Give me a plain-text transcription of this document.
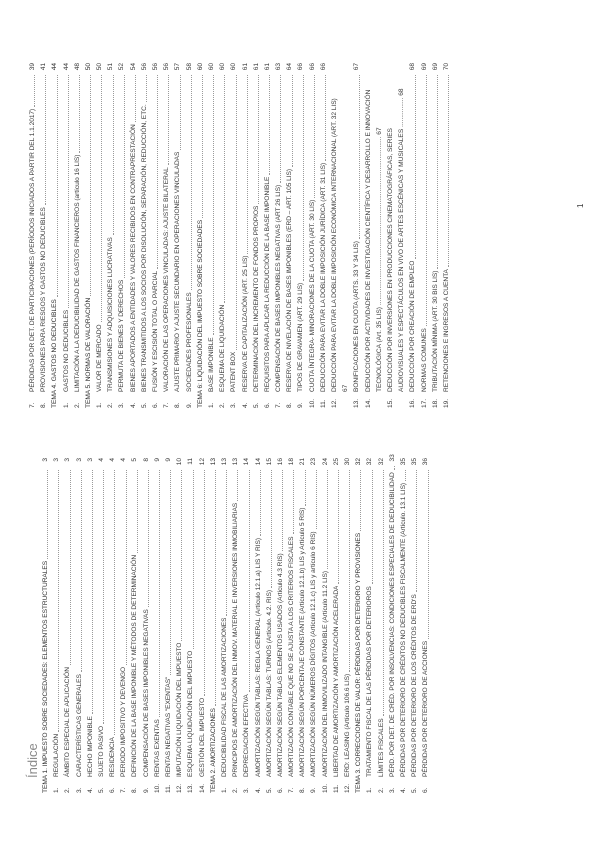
Índice TEMA 1. IMPUESTO SOBRE SOCIEDADES: ELEMENTOS ESTRUCTURALES
3
1.
REGULACIÓN
3
2.
ÁMBITO ESPECIAL DE APLICACIÓN
3
3.
CARACTERÍSTICAS GENERALES
3
4.
HECHO IMPONIBLE
3
5.
SUJETO PASIVO
4
6.
RESIDENCIA
4
7.
PERIODO IMPOSITIVO Y DEVENGO
4
8.
DEFINICIÓN DE LA BASE IMPONIBLE Y MÉTODOS DE DETERMINACIÓN
5
9.
COMPENSACIÓN DE BASES IMPONIBLES NEGATIVAS
8
10.
RENTAS EXENTAS
9
11.
RENTAS NEGATIVAS "EXENTAS"
9
12.
IMPUTACIÓN LIQUIDACIÓN DEL IMPUESTO
10
13.
ESQUEMA LIQUIDACIÓN DEL IMPUESTO
11
14.
GESTIÓN DEL IMPUESTO
12
TEMA 2. AMORTIZACIONES
13
1.
DEDUCIBILIDAD FISCAL DE LAS AMORTIZACIONES
13
2.
PRINCIPIOS DE AMORTIZACIÓN DEL INMOV. MATERIAL E INVERSIONES INMOBILIARIAS
13
3.
DEPRECIACIÓN EFECTIVA
14
4.
AMORTIZACIÓN SEGÚN TABLAS: REGLA GENERAL (Artículo 12.1.a) LIS Y RIS)
14
5.
AMORTIZACIÓN SEGÚN TABLAS: TURNOS (Artículo. 4.2. RIS)
15
6.
AMORTIZACIÓN SEGÚN TABLAS ELEMENTOS USADOS (Artículo 4.3 RIS)
16
7.
AMORTIZACIÓN CONTABLE QUE NO SE AJUSTA A LOS CRITERIOS FISCALES
18
8.
AMORTIZACIÓN SEGÚN PORCENTAJE CONSTANTE (Artículo 12.1.b) LIS y Artículo 5 RIS)
21
9.
AMORTIZACIÓN SEGÚN NÚMEROS DÍGITOS (Artículo 12.1.c) LIS y artículo 6 RIS)
23
10.
AMORTIZACIÓN DEL INMOVILIZADO INTANGIBLE (Artículo 11.2 LIS)
24
11.
LIBERTAD DE AMORTIZACIÓN Y AMORTIZACIÓN ACELERADA
25
12.
ERD: LEASING (Artículo 106.6 LIS)
30
TEMA 3. CORRECCIONES DE VALOR: PÉRDIDAS POR DETERIORO Y PROVISIONES
32
1.
TRATAMIENTO FISCAL DE LAS PÉRDIDAS POR DETERIOROS
32
2.
LÍMITES FISCALES
32
3.
PÉRD. POR DET. DE CRÉD. POR INSOLVENCIAS: CONDICIONES ESPECIALES DE DEDUCIBILIDAD
33
4.
PÉRDIDAS POR DETERIORO DE CRÉDITOS NO DEDUCIBLES FISCALMENTE (Artículo. 13.1 LIS)
35
5.
PÉRDIDAS POR DETERIORO DE LOS CRÉDITOS DE ERD'S
35
6.
PÉRDIDAS POR DETERIORO DE ACCIONES
36
7.
PÉRDIDAS POR DET. DE PARTICIPACIONES (PERÍODOS INICIADOS A PARTIR DEL 1.1.2017)
39
8.
PROVISIONES PARA RIESGOS Y GASTOS NO DEDUCIBLES
41
TEMA 4. GASTOS NO DEDUCIBLES
44
1.
GASTOS NO DEDUCIBLES
44
2.
LIMITACIÓN A LA DEDUCIBILIDAD DE GASTOS FINANCIEROS (artículo 16 LIS)
48
TEMA 5. NORMAS DE VALORACIÓN
50
1.
VALOR DE MERCADO
50
2.
TRANSMISIONES Y ADQUISICIONES LUCRATIVAS
51
3.
PERMUTA DE BIENES Y DERECHOS
52
4.
BIENES APORTADOS A ENTIDADES Y VALORES RECIBIDOS EN CONTRAPRESTACIÓN
54
5.
BIENES TRANSMITIDOS A LOS SOCIOS POR DISOLUCIÓN, SEPARACIÓN, REDUCCIÓN, ETC.
56
6.
FUSIÓN Y ESCISIÓN TOTAL O PARCIAL
56
7.
VALORACIÓN DE LAS OPERACIONES VINCULADAS: AJUSTE BILATERAL
56
8.
AJUSTE PRIMARIO Y AJUSTE SECUNDARIO EN OPERACIONES VINCULADAS
57
9.
SOCIEDADES PROFESIONALES
58
TEMA 6: LIQUIDACIÓN DEL IMPUESTO SOBRE SOCIEDADES
60
1.
BASE IMPONIBLE
60
2.
ESQUEMA DE LIQUIDACIÓN
60
3.
PATENT BOX
60
4.
RESERVA DE CAPITALIZACIÓN (ART. 25 LIS)
61
5.
DETERMINACIÓN DEL INCREMENTO DE FONDOS PROPIOS
61
6.
REQUISITOS PARA APLICAR LA REDUCCIÓN DE LA BASE IMPONIBLE
61
7.
COMPENSACIÓN DE BASES IMPONIBLES NEGATIVAS (ART 26 LIS)
63
8.
RESERVA DE NIVELACIÓN DE BASES IMPONIBLES (ERD – ART. 105 LIS)
64
9.
TIPOS DE GRAVAMEN (ART. 29 LIS)
66
10.
CUOTA ÍNTEGRA- MINORACIONES DE LA CUOTA (ART. 30 LIS)
66
11.
DEDUCCIÓN PARA EVITAR LA DOBLE IMPOSICIÓN JURÍDICA (ART. 31 LIS)
66
12.
DEDUCCIÓN PARA EVITAR LA DOBLE IMPOSICIÓN ECONÓMICA INTERNACIONAL (ART. 32 LIS) 67
13.
BONIFICACIONES EN CUOTA (ARTS. 33 Y 34 LIS)
67
14.
DEDUCCIÓN POR ACTIVIDADES DE INVESTIGACIÓN CIENTÍFICA Y DESARROLLO E INNOVACIÓN TECNOLÓGICA (Art. 35 LIS) ............................................................................................ 67
15.
DEDUCCIÓN POR INVERSIONES EN PRODUCCIONES CINEMATOGRÁFICAS, SERIES AUDIOVISUALES Y ESPECTÁCULOS EN VIVO DE ARTES ESCÉNICAS Y MUSICALES ................ 68
16.
DEDUCCIÓN POR CREACIÓN DE EMPLEO
68
17.
NORMAS COMUNES
69
18.
TRIBUTACIÓN MÍNIMA (ART. 30 BIS LIS)
69
19.
RETENCIONES E INGRESOS A CUENTA
70
1
